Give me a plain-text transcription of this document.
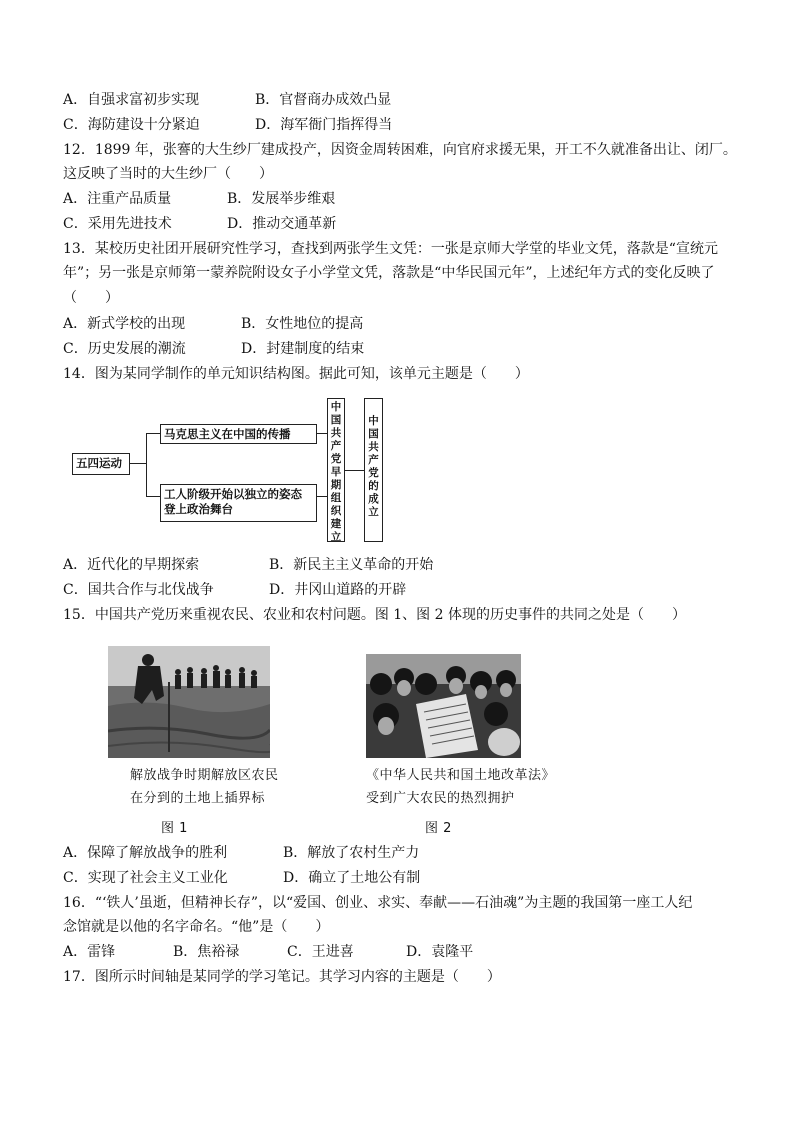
A．自强求富初步实现	B．官督商办成效凸显
C．海防建设十分紧迫	D．海军衙门指挥得当
12．1899 年，张謇的大生纱厂建成投产，因资金周转困难，向官府求援无果，开工不久就准备出让、闭厂。
这反映了当时的大生纱厂（　　）
A．注重产品质量	B．发展举步维艰
C．采用先进技术	D．推动交通革新
13．某校历史社团开展研究性学习，查找到两张学生文凭：一张是京师大学堂的毕业文凭，落款是“宣统元
年”；另一张是京师第一蒙养院附设女子小学堂文凭，落款是“中华民国元年”，上述纪年方式的变化反映了
（　　）
A．新式学校的出现	B．女性地位的提高
C．历史发展的潮流	D．封建制度的结束
14．图为某同学制作的单元知识结构图。据此可知，该单元主题是（　　）
五四运动
马克思主义在中国的传播
工人阶级开始以独立的姿态登上政治舞台
中国共产党早期组织建立
中国共产党的成立
A．近代化的早期探索	B．新民主主义革命的开始
C．国共合作与北伐战争	D．井冈山道路的开辟
15．中国共产党历来重视农民、农业和农村问题。图 1、图 2 体现的历史事件的共同之处是（　　）
解放战争时期解放区农民
在分到的土地上插界标
《中华人民共和国土地改革法》
受到广大农民的热烈拥护
图 1	图 2
A．保障了解放战争的胜利	B．解放了农村生产力
C．实现了社会主义工业化	D．确立了土地公有制
16．“‘铁人’虽逝，但精神长存”，以“爱国、创业、求实、奉献——石油魂”为主题的我国第一座工人纪
念馆就是以他的名字命名。“他”是（　　）
A．雷锋	B．焦裕禄	C．王进喜	D．袁隆平
17．图所示时间轴是某同学的学习笔记。其学习内容的主题是（　　）
